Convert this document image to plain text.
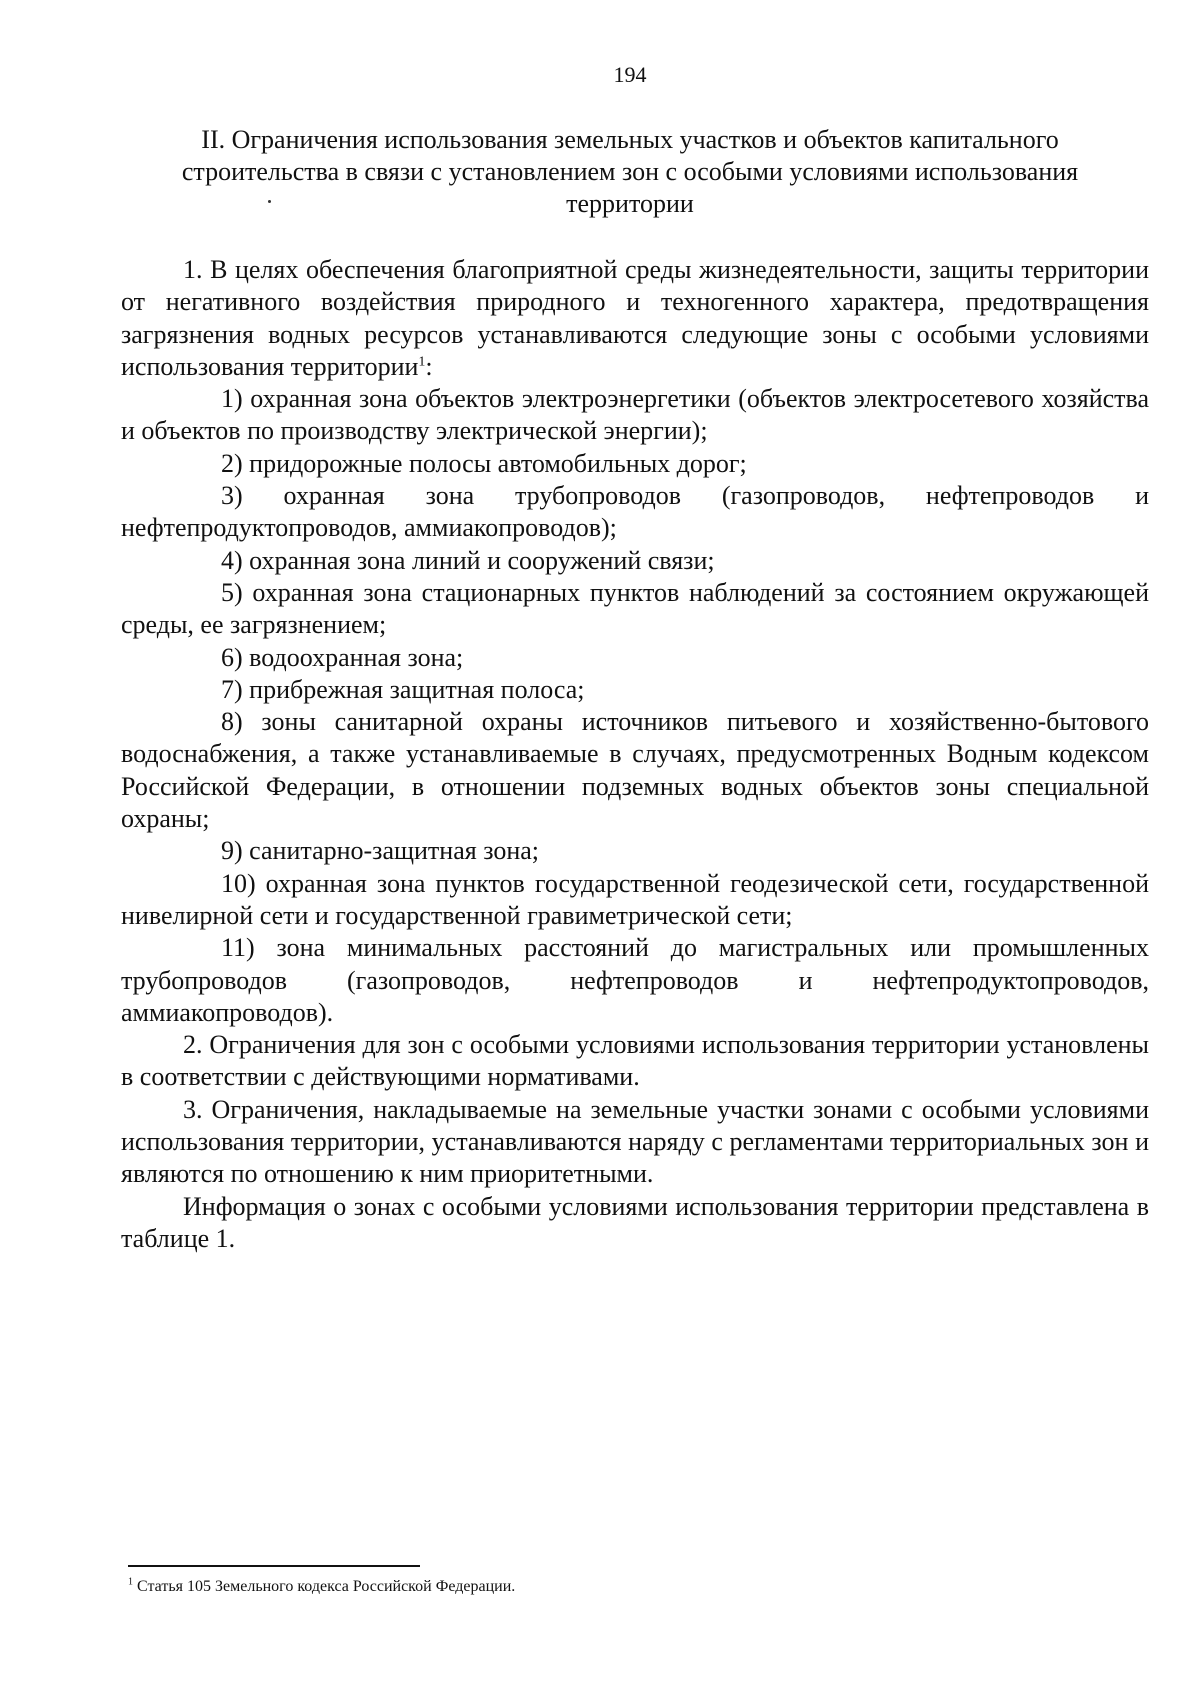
194
II. Ограничения использования земельных участков и объектов капитального
строительства в связи с установлением зон с особыми условиями использования
территории

1. В целях обеспечения благоприятной среды жизнедеятельности, защиты территории от негативного воздействия природного и техногенного характера, предотвращения загрязнения водных ресурсов устанавливаются следующие зоны с особыми условиями использования территории$^1$:

1) охранная зона объектов электроэнергетики (объектов электросетевого хозяйства и объектов по производству электрической энергии);

2) придорожные полосы автомобильных дорог;

3) охранная зона трубопроводов (газопроводов, нефтепроводов и нефтепродуктопроводов, аммиакопроводов);

4) охранная зона линий и сооружений связи;

5) охранная зона стационарных пунктов наблюдений за состоянием окружающей среды, ее загрязнением;

6) водоохранная зона;

7) прибрежная защитная полоса;

8) зоны санитарной охраны источников питьевого и хозяйственно-бытового водоснабжения, а также устанавливаемые в случаях, предусмотренных Водным кодексом Российской Федерации, в отношении подземных водных объектов зоны специальной охраны;

9) санитарно-защитная зона;

10) охранная зона пунктов государственной геодезической сети, государственной нивелирной сети и государственной гравиметрической сети;

11) зона минимальных расстояний до магистральных или промышленных трубопроводов (газопроводов, нефтепроводов и нефтепродуктопроводов, аммиакопроводов).

2. Ограничения для зон с особыми условиями использования территории установлены в соответствии с действующими нормативами.

3. Ограничения, накладываемые на земельные участки зонами с особыми условиями использования территории, устанавливаются наряду с регламентами территориальных зон и являются по отношению к ним приоритетными.

Информация о зонах с особыми условиями использования территории представлена в таблице 1.

$^1$ Статья 105 Земельного кодекса Российской Федерации.
